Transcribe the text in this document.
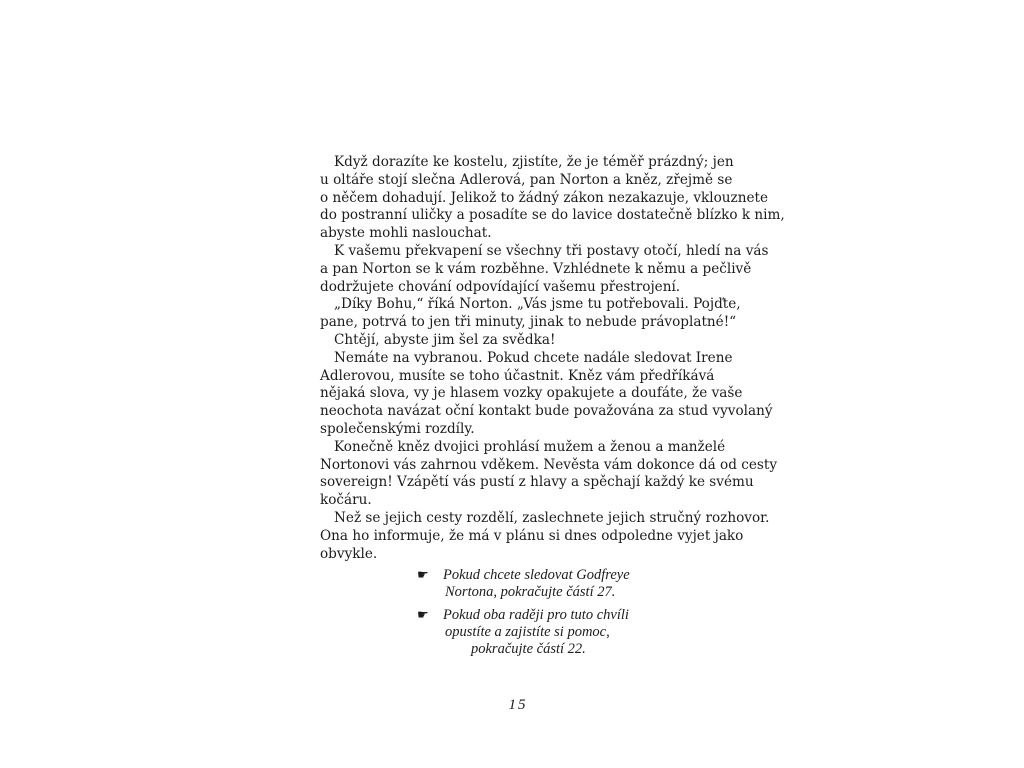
Když dorazíte ke kostelu, zjistíte, že je téměř prázdný; jen
u oltáře stojí slečna Adlerová, pan Norton a kněz, zřejmě se
o něčem dohadují. Jelikož to žádný zákon nezakazuje, vklouznete
do postranní uličky a posadíte se do lavice dostatečně blízko k nim,
abyste mohli naslouchat.
K vašemu překvapení se všechny tři postavy otočí, hledí na vás
a pan Norton se k vám rozběhne. Vzhlédnete k němu a pečlivě
dodržujete chování odpovídající vašemu přestrojení.
„Díky Bohu,“ říká Norton. „Vás jsme tu potřebovali. Pojďte,
pane, potrvá to jen tři minuty, jinak to nebude právoplatné!“
Chtějí, abyste jim šel za svědka!
Nemáte na vybranou. Pokud chcete nadále sledovat Irene
Adlerovou, musíte se toho účastnit. Kněz vám předříkává
nějaká slova, vy je hlasem vozky opakujete a doufáte, že vaše
neochota navázat oční kontakt bude považována za stud vyvolaný
společenskými rozdíly.
Konečně kněz dvojici prohlásí mužem a ženou a manželé
Nortonovi vás zahrnou vděkem. Nevěsta vám dokonce dá od cesty
sovereign! Vzápětí vás pustí z hlavy a spěchají každý ke svému
kočáru.
Než se jejich cesty rozdělí, zaslechnete jejich stručný rozhovor.
Ona ho informuje, že má v plánu si dnes odpoledne vyjet jako
obvykle.
☛ Pokud chcete sledovat Godfreye
Nortona, pokračujte částí 27.
☛ Pokud oba raději pro tuto chvíli
opustíte a zajistíte si pomoc,
pokračujte částí 22.
15
